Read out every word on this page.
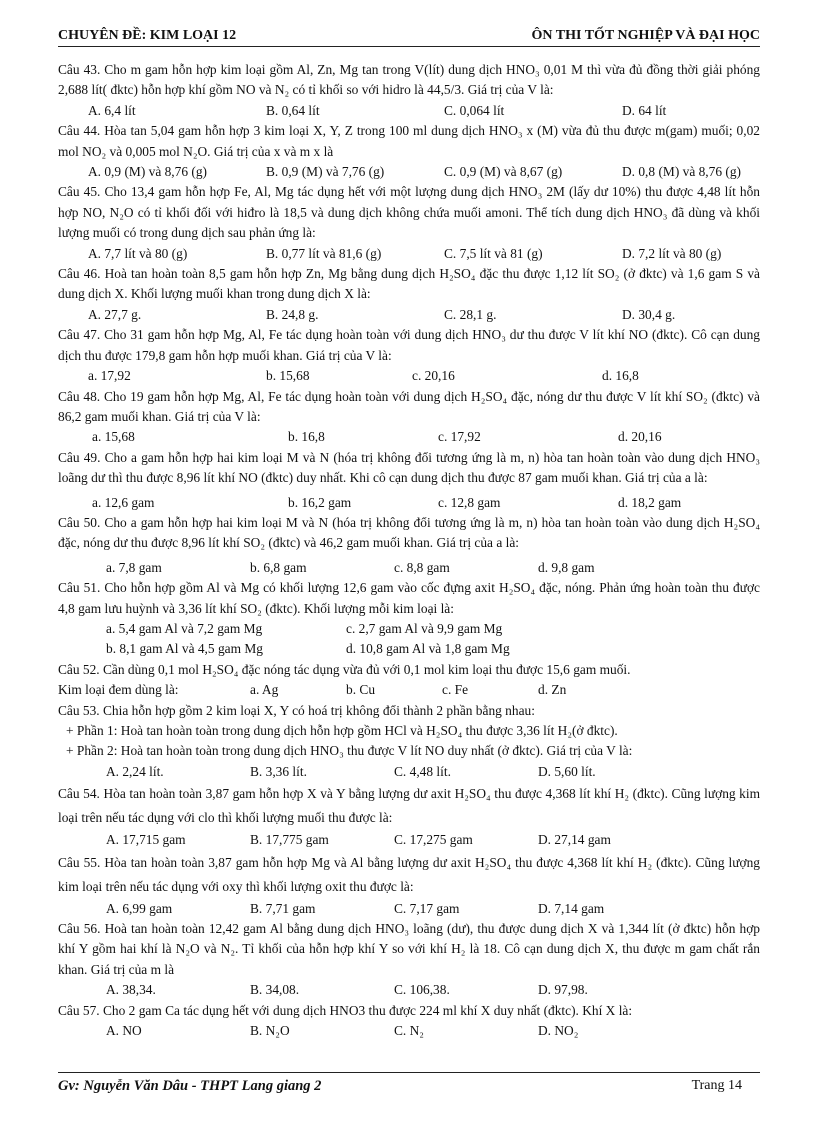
CHUYÊN ĐỀ: KIM LOẠI 12	ÔN THI TỐT NGHIỆP VÀ ĐẠI HỌC

Câu 43. Cho m gam hỗn hợp kim loại gồm Al, Zn, Mg tan trong V(lít) dung dịch HNO₃ 0,01 M thì vừa đủ đồng thời giải phóng 2,688 lít( đktc) hỗn hợp khí gồm NO và N₂ có tỉ khối so với hidro là 44,5/3. Giá trị của V là:

A. 6,4 lít	B. 0,64 lít	C. 0,064 lít	D. 64 lít

Câu 44. Hòa tan 5,04 gam hỗn hợp 3 kim loại X, Y, Z trong 100 ml dung dịch HNO₃ x (M) vừa đủ thu được m(gam) muối; 0,02 mol NO₂ và 0,005 mol N₂O. Giá trị của x và m x là

A. 0,9 (M) và 8,76 (g)	B. 0,9 (M) và 7,76 (g)	C. 0,9 (M) và 8,67 (g)	D. 0,8 (M) và 8,76 (g)

Câu 45. Cho 13,4 gam hỗn hợp Fe, Al, Mg tác dụng hết với một lượng dung dịch HNO₃ 2M (lấy dư 10%) thu được 4,48 lít hỗn hợp NO, N₂O có tỉ khối đối với hiđro là 18,5 và dung dịch không chứa muối amoni. Thể tích dung dịch HNO₃ đã dùng và khối lượng muối có trong dung dịch sau phản ứng là:

A. 7,7 lít và 80 (g)	B. 0,77 lít và 81,6 (g)	C. 7,5 lít và 81 (g)	D. 7,2 lít và 80 (g)

Câu 46. Hoà tan hoàn toàn 8,5 gam hỗn hợp Zn, Mg bằng dung dịch H₂SO₄ đặc thu được 1,12 lít SO₂ (ở đktc) và 1,6 gam S và dung dịch X. Khối lượng muối khan trong dung dịch X là:

A. 27,7 g.	B. 24,8 g.	C. 28,1 g.	D. 30,4 g.

Câu 47. Cho 31 gam hỗn hợp Mg, Al, Fe tác dụng hoàn toàn với dung dịch HNO₃ dư thu được V lít khí NO (đktc). Cô cạn dung dịch thu được 179,8 gam hỗn hợp muối khan. Giá trị của V là:

a. 17,92	b. 15,68	c. 20,16	d. 16,8

Câu 48. Cho 19 gam hỗn hợp Mg, Al, Fe tác dụng hoàn toàn với dung dịch H₂SO₄ đặc, nóng dư thu được V lít khí SO₂ (đktc) và 86,2 gam muối khan. Giá trị của V là:

a. 15,68	b. 16,8	c. 17,92	d. 20,16

Câu 49. Cho a gam hỗn hợp hai kim loại M và N (hóa trị không đổi tương ứng là m, n) hòa tan hoàn toàn vào dung dịch HNO₃ loãng dư thì thu được 8,96 lít khí NO (đktc) duy nhất. Khi cô cạn dung dịch thu được 87 gam muối khan. Giá trị của a là:

a. 12,6 gam	b. 16,2 gam	c. 12,8 gam	d. 18,2 gam

Câu 50. Cho a gam hỗn hợp hai kim loại M và N (hóa trị không đổi tương ứng là m, n) hòa tan hoàn toàn vào dung dịch H₂SO₄ đặc, nóng dư thu được 8,96 lít khí SO₂ (đktc) và 46,2 gam muối khan. Giá trị của a là:

a. 7,8 gam	b. 6,8 gam	c. 8,8 gam	d. 9,8 gam

Câu 51. Cho hỗn hợp gồm Al và Mg có khối lượng 12,6 gam vào cốc đựng axit H₂SO₄ đặc, nóng. Phản ứng hoàn toàn thu được 4,8 gam lưu huỳnh và 3,36 lít khí SO₂ (đktc). Khối lượng mỗi kim loại là:

a. 5,4 gam Al và 7,2 gam Mg	c. 2,7 gam Al và 9,9 gam Mg
b. 8,1 gam Al và 4,5 gam Mg	d. 10,8 gam Al và 1,8 gam Mg

Câu 52. Cần dùng 0,1 mol H₂SO₄ đặc nóng tác dụng vừa đủ với 0,1 mol kim loại thu được 15,6 gam muối.

Kim loại đem dùng là:	a. Ag	b. Cu	c. Fe	d. Zn

Câu 53. Chia hỗn hợp gồm 2 kim loại X, Y có hoá trị không đổi thành 2 phần bằng nhau:

+ Phần 1: Hoà tan hoàn toàn trong dung dịch hỗn hợp gồm HCl và H₂SO₄ thu được 3,36 lít H₂(ở đktc).

+ Phần 2: Hoà tan hoàn toàn trong dung dịch HNO₃ thu được V lít NO duy nhất (ở đktc). Giá trị của V là:

A. 2,24 lít.	B. 3,36 lít.	C. 4,48 lít.	D. 5,60 lít.

Câu 54. Hòa tan hoàn toàn 3,87 gam hỗn hợp X và Y bằng lượng dư axit H₂SO₄ thu được 4,368 lít khí H₂ (đktc). Cũng lượng kim loại trên nếu tác dụng với clo thì khối lượng muối thu được là:

A. 17,715 gam	B. 17,775 gam	C. 17,275 gam	D. 27,14 gam

Câu 55. Hòa tan hoàn toàn 3,87 gam hỗn hợp Mg và Al bằng lượng dư axit H₂SO₄ thu được 4,368 lít khí H₂ (đktc). Cũng lượng kim loại trên nếu tác dụng với oxy thì khối lượng oxit thu được là:

A. 6,99 gam	B. 7,71 gam	C. 7,17 gam	D. 7,14 gam

Câu 56. Hoà tan hoàn toàn 12,42 gam Al bằng dung dịch HNO₃ loãng (dư), thu được dung dịch X và 1,344 lít (ở đktc) hỗn hợp khí Y gồm hai khí là N₂O và N₂. Tỉ khối của hỗn hợp khí Y so với khí H₂ là 18. Cô cạn dung dịch X, thu được m gam chất rắn khan. Giá trị của m là

A. 38,34.	B. 34,08.	C. 106,38.	D. 97,98.

Câu 57. Cho 2 gam Ca tác dụng hết với dung dịch HNO3 thu được 224 ml khí X duy nhất (đktc). Khí X là:

A. NO	B. N₂O	C. N₂	D. NO₂
Gv: Nguyễn Văn Dâu - THPT Lang giang 2	Trang 14
